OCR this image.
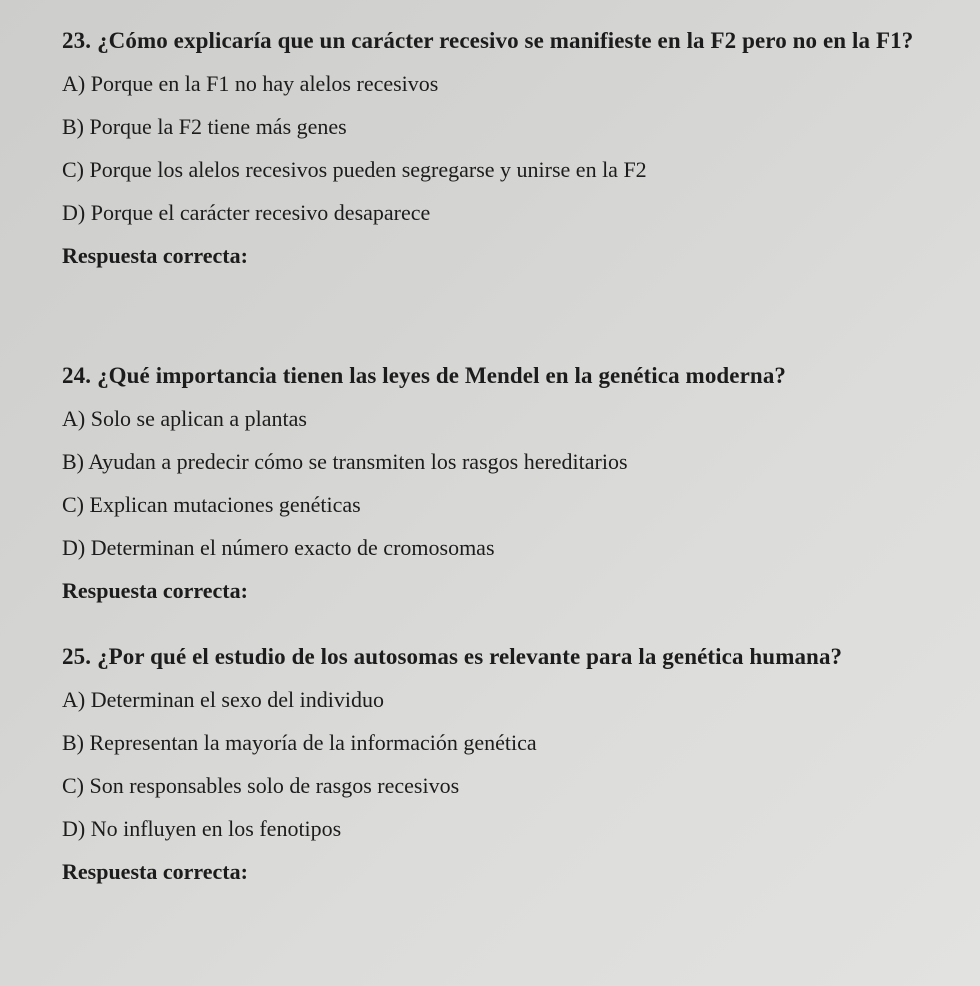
23. ¿Cómo explicaría que un carácter recesivo se manifieste en la F2 pero no en la F1?

A) Porque en la F1 no hay alelos recesivos

B) Porque la F2 tiene más genes

C) Porque los alelos recesivos pueden segregarse y unirse en la F2

D) Porque el carácter recesivo desaparece

Respuesta correcta:

24. ¿Qué importancia tienen las leyes de Mendel en la genética moderna?

A) Solo se aplican a plantas

B) Ayudan a predecir cómo se transmiten los rasgos hereditarios

C) Explican mutaciones genéticas

D) Determinan el número exacto de cromosomas

Respuesta correcta:

25. ¿Por qué el estudio de los autosomas es relevante para la genética humana?

A) Determinan el sexo del individuo

B) Representan la mayoría de la información genética

C) Son responsables solo de rasgos recesivos

D) No influyen en los fenotipos

Respuesta correcta:
